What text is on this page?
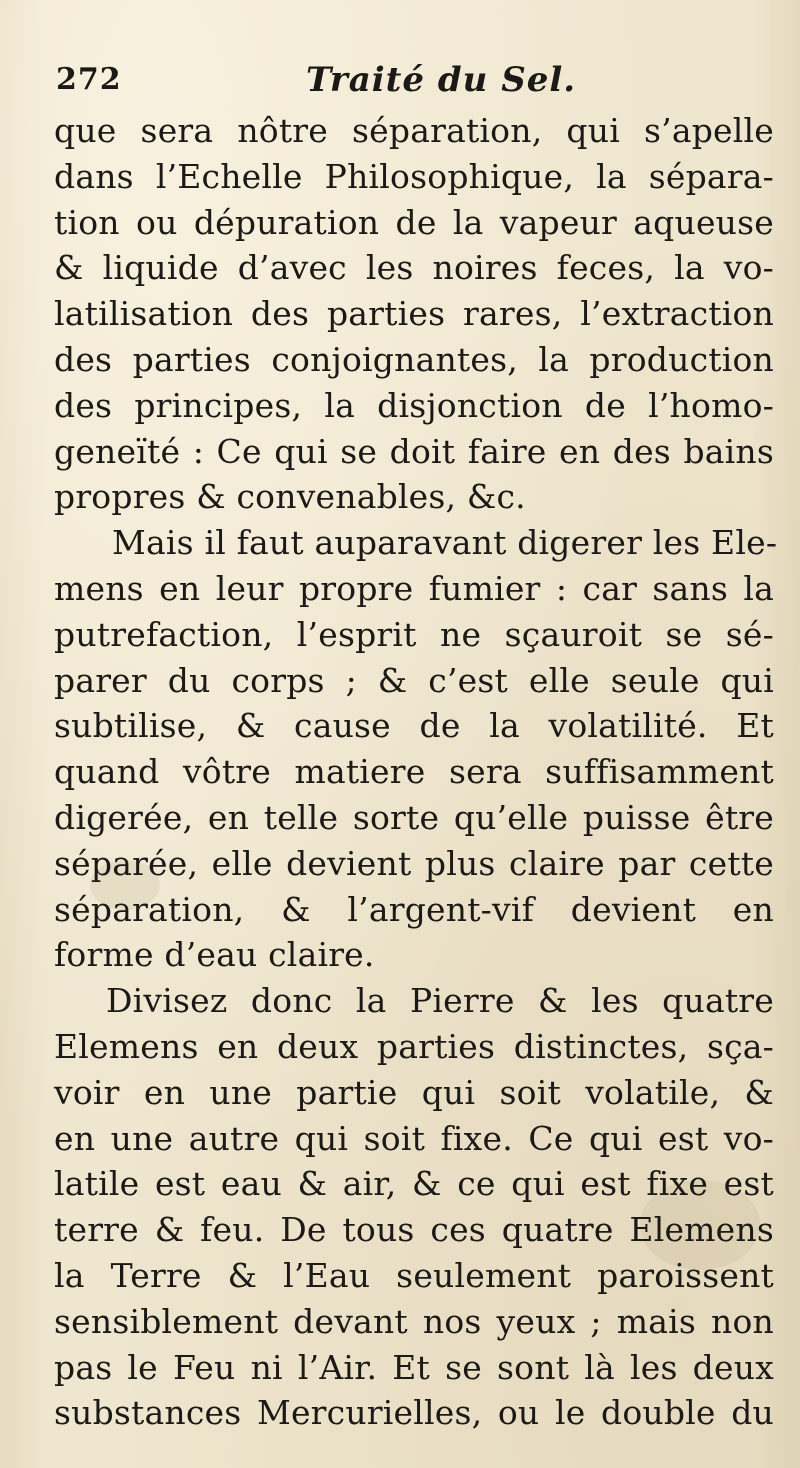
272	Traité du Sel.
que sera nôtre séparation, qui s’apelle
dans l’Echelle Philosophique, la sépara-
tion ou dépuration de la vapeur aqueuse
& liquide d’avec les noires feces, la vo-
latilisation des parties rares, l’extraction
des parties conjoignantes, la production
des principes, la disjonction de l’homo-
geneïté : Ce qui se doit faire en des bains
propres & convenables, &c.
Mais il faut auparavant digerer les Ele-
mens en leur propre fumier : car sans la
putrefaction, l’esprit ne sçauroit se sé-
parer du corps ; & c’est elle seule qui
subtilise, & cause de la volatilité. Et
quand vôtre matiere sera suffisamment
digerée, en telle sorte qu’elle puisse être
séparée, elle devient plus claire par cette
séparation, & l’argent-vif devient en
forme d’eau claire.
Divisez donc la Pierre & les quatre
Elemens en deux parties distinctes, sça-
voir en une partie qui soit volatile, &
en une autre qui soit fixe. Ce qui est vo-
latile est eau & air, & ce qui est fixe est
terre & feu. De tous ces quatre Elemens
la Terre & l’Eau seulement paroissent
sensiblement devant nos yeux ; mais non
pas le Feu ni l’Air. Et se sont là les deux
substances Mercurielles, ou le double du
